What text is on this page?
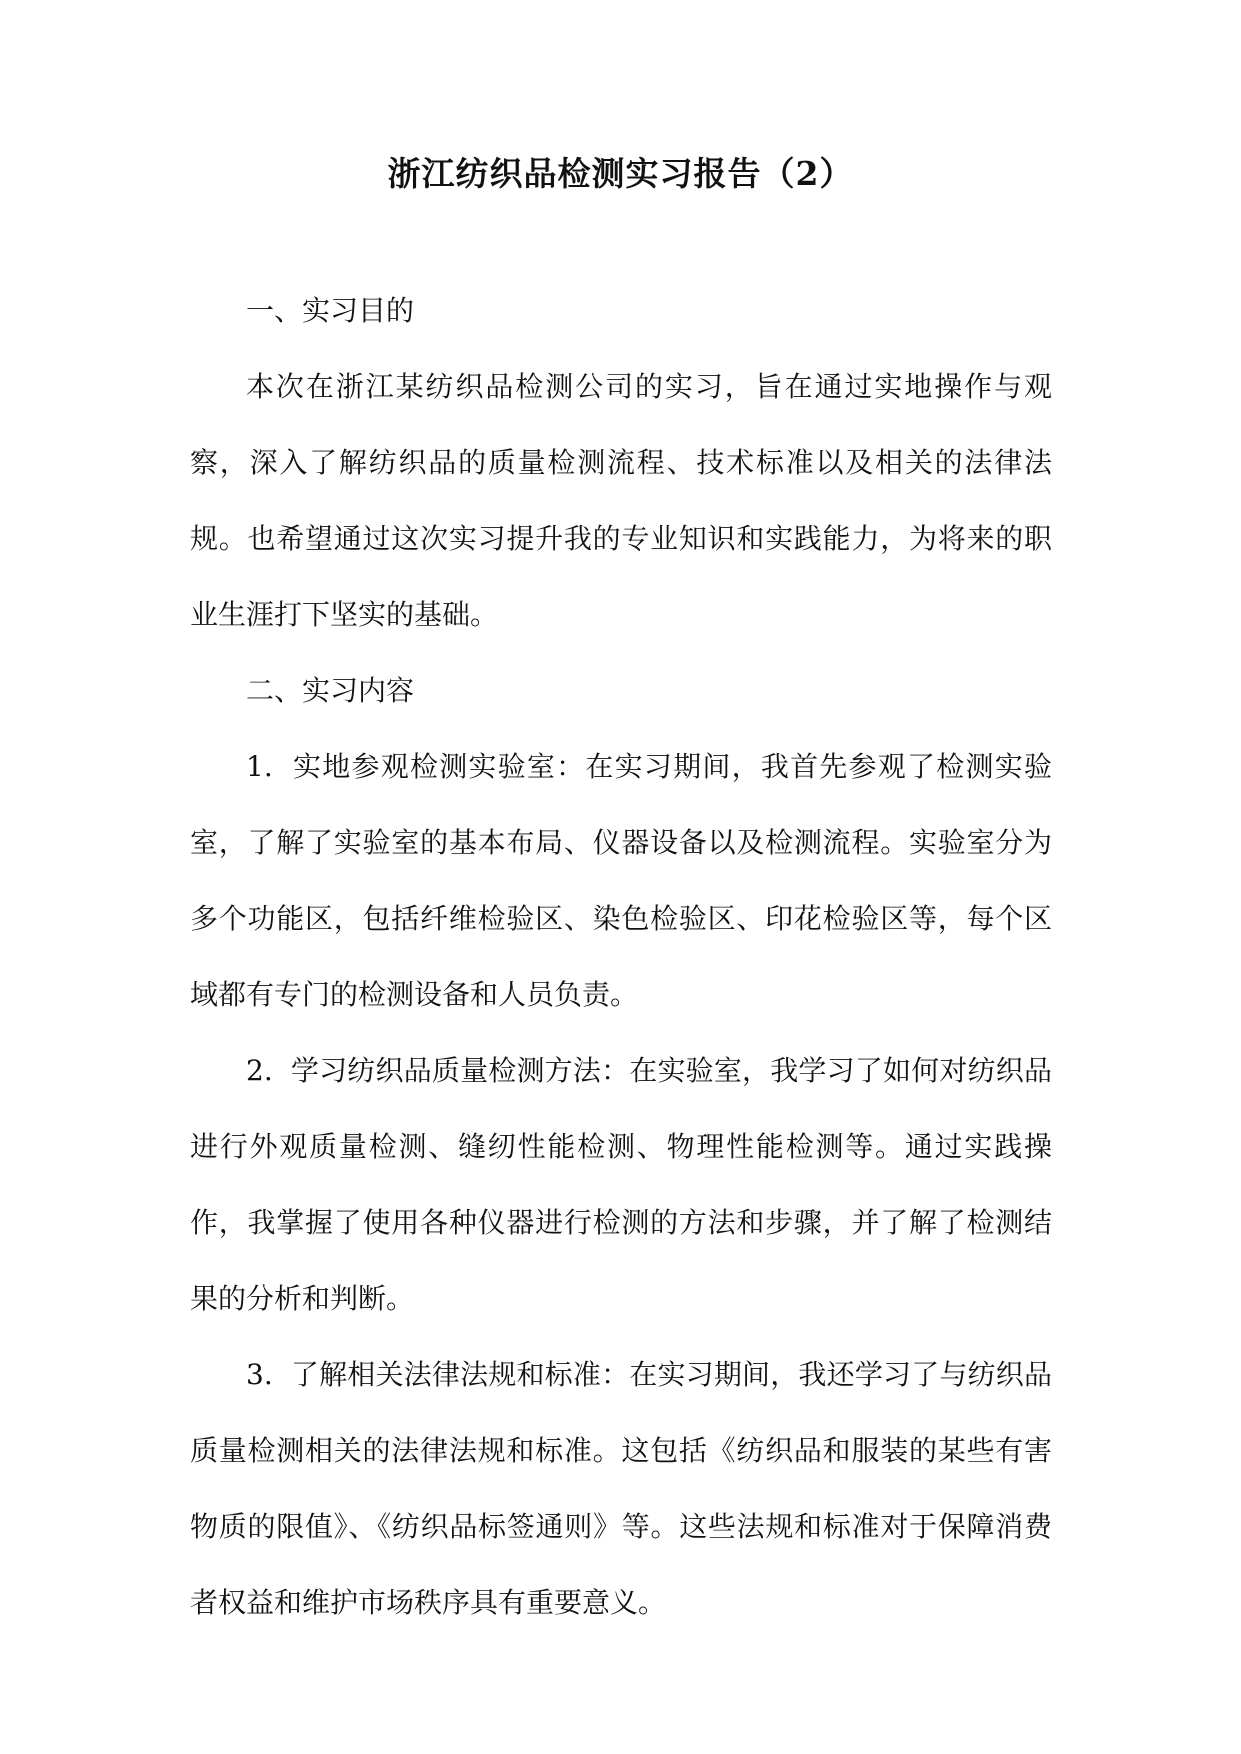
浙江纺织品检测实习报告（2）

一、实习目的

本次在浙江某纺织品检测公司的实习，旨在通过实地操作与观察，深入了解纺织品的质量检测流程、技术标准以及相关的法律法规。也希望通过这次实习提升我的专业知识和实践能力，为将来的职业生涯打下坚实的基础。

二、实习内容

1. 实地参观检测实验室：在实习期间，我首先参观了检测实验室，了解了实验室的基本布局、仪器设备以及检测流程。实验室分为多个功能区，包括纤维检验区、染色检验区、印花检验区等，每个区域都有专门的检测设备和人员负责。

2. 学习纺织品质量检测方法：在实验室，我学习了如何对纺织品进行外观质量检测、缝纫性能检测、物理性能检测等。通过实践操作，我掌握了使用各种仪器进行检测的方法和步骤，并了解了检测结果的分析和判断。

3. 了解相关法律法规和标准：在实习期间，我还学习了与纺织品质量检测相关的法律法规和标准。这包括《纺织品和服装的某些有害物质的限值》、《纺织品标签通则》等。这些法规和标准对于保障消费者权益和维护市场秩序具有重要意义。
